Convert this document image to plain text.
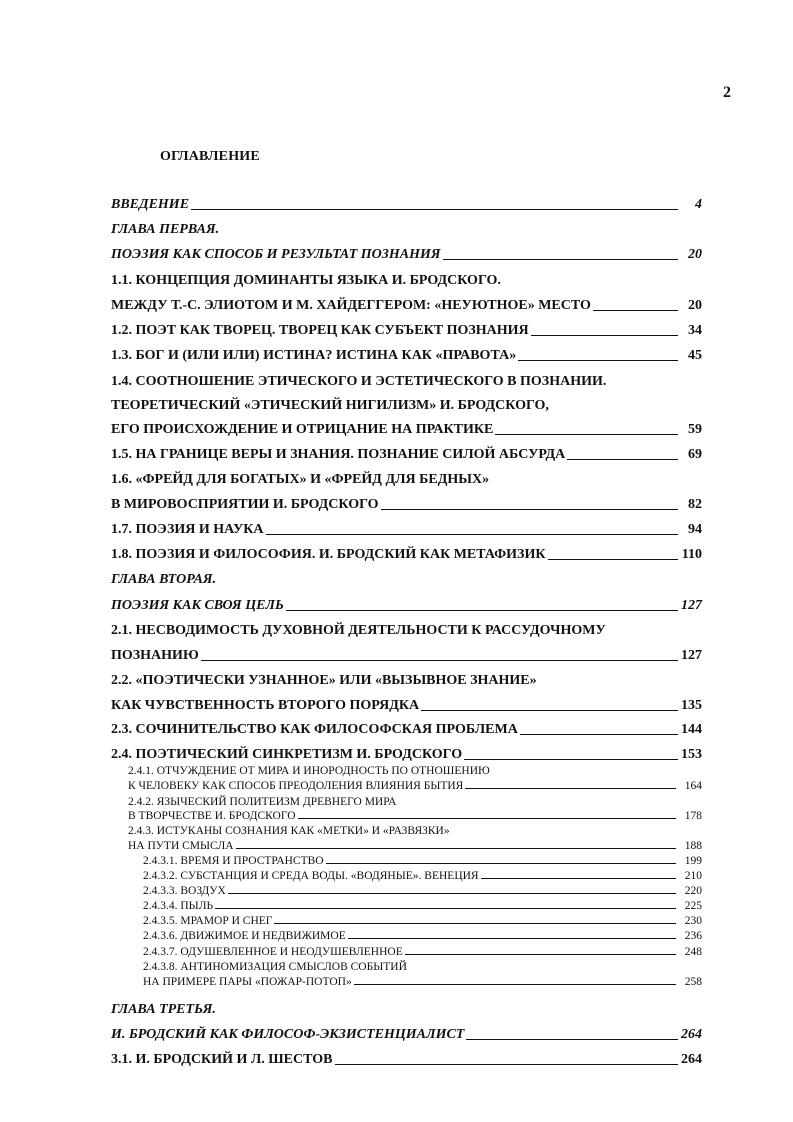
2
ОГЛАВЛЕНИЕ
ВВЕДЕНИЕ	4
ГЛАВА ПЕРВАЯ.
ПОЭЗИЯ КАК СПОСОБ И РЕЗУЛЬТАТ ПОЗНАНИЯ	20
1.1. КОНЦЕПЦИЯ ДОМИНАНТЫ ЯЗЫКА И. БРОДСКОГО.
МЕЖДУ Т.-С. ЭЛИОТОМ И М. ХАЙДЕГГЕРОМ: «НЕУЮТНОЕ» МЕСТО	20
1.2. ПОЭТ КАК ТВОРЕЦ. ТВОРЕЦ КАК СУБЪЕКТ ПОЗНАНИЯ	34
1.3. БОГ И (ИЛИ ИЛИ) ИСТИНА? ИСТИНА КАК «ПРАВОТА»	45
1.4. СООТНОШЕНИЕ ЭТИЧЕСКОГО И ЭСТЕТИЧЕСКОГО В ПОЗНАНИИ.
ТЕОРЕТИЧЕСКИЙ «ЭТИЧЕСКИЙ НИГИЛИЗМ» И. БРОДСКОГО,
ЕГО ПРОИСХОЖДЕНИЕ И ОТРИЦАНИЕ НА ПРАКТИКЕ	59
1.5. НА ГРАНИЦЕ ВЕРЫ И ЗНАНИЯ. ПОЗНАНИЕ СИЛОЙ АБСУРДА	69
1.6. «ФРЕЙД ДЛЯ БОГАТЫХ» И «ФРЕЙД ДЛЯ БЕДНЫХ»
В МИРОВОСПРИЯТИИ И. БРОДСКОГО	82
1.7. ПОЭЗИЯ И НАУКА	94
1.8. ПОЭЗИЯ И ФИЛОСОФИЯ. И. БРОДСКИЙ КАК МЕТАФИЗИК	110
ГЛАВА ВТОРАЯ.
ПОЭЗИЯ КАК СВОЯ ЦЕЛЬ	127
2.1. НЕСВОДИМОСТЬ ДУХОВНОЙ ДЕЯТЕЛЬНОСТИ К РАССУДОЧНОМУ
ПОЗНАНИЮ	127
2.2. «ПОЭТИЧЕСКИ УЗНАННОЕ» ИЛИ «ВЫЗЫВНОЕ ЗНАНИЕ»
КАК ЧУВСТВЕННОСТЬ ВТОРОГО ПОРЯДКА	135
2.3. СОЧИНИТЕЛЬСТВО КАК ФИЛОСОФСКАЯ ПРОБЛЕМА	144
2.4. ПОЭТИЧЕСКИЙ СИНКРЕТИЗМ И. БРОДСКОГО	153
2.4.1. ОТЧУЖДЕНИЕ ОТ МИРА И ИНОРОДНОСТЬ ПО ОТНОШЕНИЮ
К ЧЕЛОВЕКУ КАК СПОСОБ ПРЕОДОЛЕНИЯ ВЛИЯНИЯ БЫТИЯ	164
2.4.2. ЯЗЫЧЕСКИЙ ПОЛИТЕИЗМ ДРЕВНЕГО МИРА
В ТВОРЧЕСТВЕ И. БРОДСКОГО	178
2.4.3. ИСТУКАНЫ СОЗНАНИЯ КАК «МЕТКИ» И «РАЗВЯЗКИ»
НА ПУТИ СМЫСЛА	188
2.4.3.1. ВРЕМЯ И ПРОСТРАНСТВО	199
2.4.3.2. СУБСТАНЦИЯ И СРЕДА ВОДЫ. «ВОДЯНЫЕ». ВЕНЕЦИЯ	210
2.4.3.3. ВОЗДУХ	220
2.4.3.4. ПЫЛЬ	225
2.4.3.5. МРАМОР И СНЕГ	230
2.4.3.6. ДВИЖИМОЕ И НЕДВИЖИМОЕ	236
2.4.3.7. ОДУШЕВЛЕННОЕ И НЕОДУШЕВЛЕННОЕ	248
2.4.3.8. АНТИНОМИЗАЦИЯ СМЫСЛОВ СОБЫТИЙ
НА ПРИМЕРЕ ПАРЫ «ПОЖАР-ПОТОП»	258
ГЛАВА ТРЕТЬЯ.
И. БРОДСКИЙ КАК ФИЛОСОФ-ЭКЗИСТЕНЦИАЛИСТ	264
3.1. И. БРОДСКИЙ И Л. ШЕСТОВ	264
